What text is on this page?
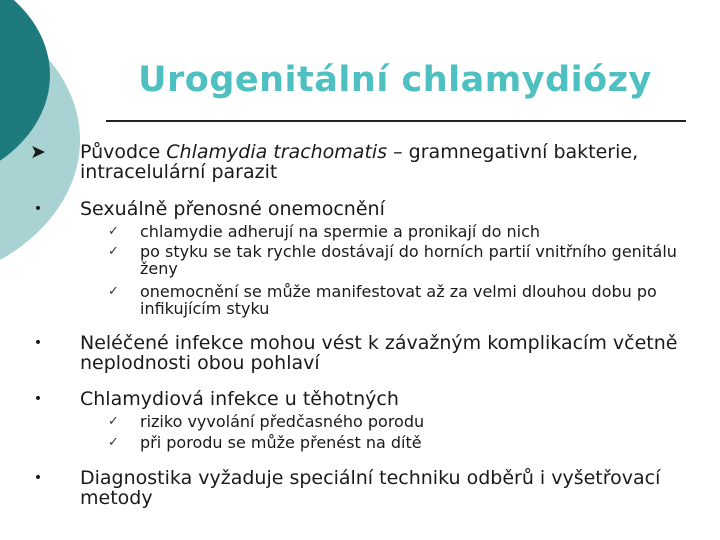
Urogenitální chlamydiózy
➤ Původce Chlamydia trachomatis – gramnegativní bakterie, intracelulární parazit
• Sexuálně přenosné onemocnění
✓ chlamydie adherují na spermie a pronikají do nich
✓ po styku se tak rychle dostávají do horních partií vnitřního genitálu ženy
✓ onemocnění se může manifestovat až za velmi dlouhou dobu po infikujícím styku
• Neléčené infekce mohou vést k závažným komplikacím včetně neplodnosti obou pohlaví
• Chlamydiová infekce u těhotných
✓ riziko vyvolání předčasného porodu
✓ při porodu se může přenést na dítě
• Diagnostika vyžaduje speciální techniku odběrů i vyšetřovací metody
